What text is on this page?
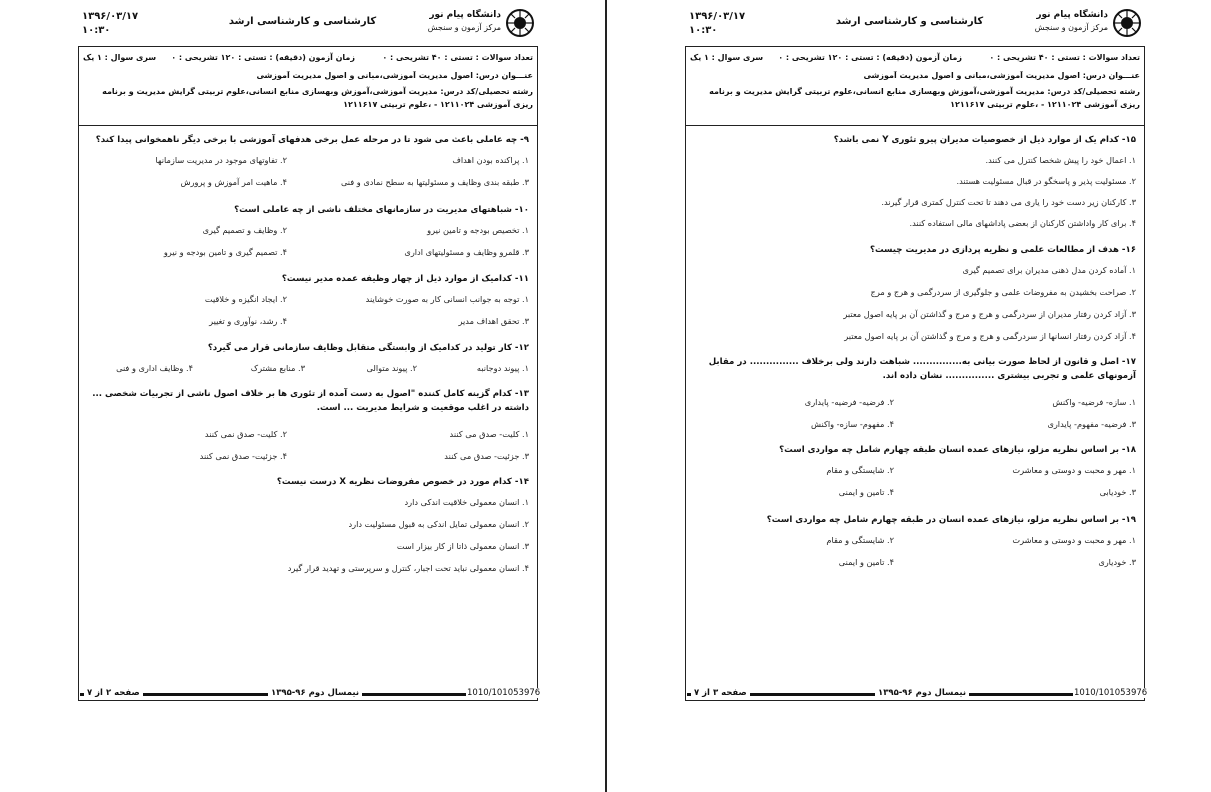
۱۳۹۶/۰۳/۱۷
۱۰:۳۰
کارشناسی و کارشناسی ارشد
دانشگاه پیام نور
مرکز آزمون و سنجش
تعداد سوالات : تستی : ۴۰ تشریحی : ۰
زمان آزمون (دقیقه) : تستی : ۱۲۰ تشریحی : ۰
سری سوال : ۱ یک
عنـــوان درس: اصول مدیریت آموزشی،مبانی و اصول مدیریت آموزشی
رشته تحصیلی/کد درس: مدیریت آموزشی،آموزش وبهسازی منابع انسانی،علوم تربیتی گرایش مدیریت و برنامه ریزی آموزشی ۱۲۱۱۰۲۴ - ،علوم تربیتی ۱۲۱۱۶۱۷
۹- چه عاملی باعث می شود تا در مرحله عمل برخی هدفهای آموزشی با برخی دیگر ناهمخوانی پیدا کند؟
۱. پراکنده بودن اهداف
۲. تفاوتهای موجود در مدیریت سازمانها
۳. طبقه بندی وظایف و مسئولیتها به سطح نمادی و فنی
۴. ماهیت امر آموزش و پرورش
۱۰- شباهتهای مدیریت در سازمانهای مختلف ناشی از چه عاملی است؟
۱. تخصیص بودجه و تامین نیرو
۲. وظایف و تصمیم گیری
۳. قلمرو وظایف و مسئولیتهای اداری
۴. تصمیم گیری و تامین بودجه و نیرو
۱۱- کدامیک از موارد ذیل از چهار وظیفه عمده مدیر نیست؟
۱. توجه به جوانب انسانی کار به صورت خوشایند
۲. ایجاد انگیزه و خلاقیت
۳. تحقق اهداف مدیر
۴. رشد، نوآوری و تغییر
۱۲- کار تولید در کدامیک از وابستگی متقابل وظایف سازمانی قرار می گیرد؟
۱. پیوند دوجانبه
۲. پیوند متوالی
۳. منابع مشترک
۴. وظایف اداری و فنی
۱۳- کدام گزینه کامل کننده "اصول به دست آمده از تئوری ها بر خلاف اصول ناشی از تجربیات شخصی ... داشته در اغلب موقعیت و شرایط مدیریت ... است.
۱. کلیت- صدق می کنند
۲. کلیت- صدق نمی کنند
۳. جزئیت- صدق می کنند
۴. جزئیت- صدق نمی کنند
۱۴- کدام مورد در خصوص مفروضات نظریه X درست نیست؟
۱. انسان معمولی خلاقیت اندکی دارد
۲. انسان معمولی تمایل اندکی به قبول مسئولیت دارد
۳. انسان معمولی ذاتا از کار بیزار است
۴. انسان معمولی نباید تحت اجبار، کنترل و سرپرستی و تهدید قرار گیرد
1010/101053976
نیمسال دوم ۹۶-۱۳۹۵
صفحه ۲ از ۷
۱۳۹۶/۰۳/۱۷
۱۰:۳۰
کارشناسی و کارشناسی ارشد
دانشگاه پیام نور
مرکز آزمون و سنجش
تعداد سوالات : تستی : ۴۰ تشریحی : ۰
زمان آزمون (دقیقه) : تستی : ۱۲۰ تشریحی : ۰
سری سوال : ۱ یک
عنـــوان درس: اصول مدیریت آموزشی،مبانی و اصول مدیریت آموزشی
رشته تحصیلی/کد درس: مدیریت آموزشی،آموزش وبهسازی منابع انسانی،علوم تربیتی گرایش مدیریت و برنامه ریزی آموزشی ۱۲۱۱۰۲۴ - ،علوم تربیتی ۱۲۱۱۶۱۷
۱۵- کدام یک از موارد ذیل از خصوصیات مدیران پیرو تئوری Y نمی باشد؟
۱. اعمال خود را پیش شخصا کنترل می کنند.
۲. مسئولیت پذیر و پاسخگو در قبال مسئولیت هستند.
۳. کارکنان زیر دست خود را یاری می دهند تا تحت کنترل کمتری قرار گیرند.
۴. برای کار واداشتن کارکنان از بعضی پاداشهای مالی استفاده کنند.
۱۶- هدف از مطالعات علمی و نظریه پردازی در مدیریت چیست؟
۱. آماده کردن مدل ذهنی مدیران برای تصمیم گیری
۲. صراحت بخشیدن به مفروضات علمی و جلوگیری از سردرگمی و هرج و مرج
۳. آزاد کردن رفتار مدیران از سردرگمی و هرج و مرج و گذاشتن آن بر پایه اصول معتبر
۴. آزاد کردن رفتار انسانها از سردرگمی و هرج و مرج و گذاشتن آن بر پایه اصول معتبر
۱۷- اصل و قانون از لحاظ صورت بیانی به............... شباهت دارند ولی برخلاف ............... در مقابل آزمونهای علمی و تجربی بیشتری ............... نشان داده اند.
۱. سازه- فرضیه- واکنش
۲. فرضیه- فرضیه- پایداری
۳. فرضیه- مفهوم- پایداری
۴. مفهوم- سازه- واکنش
۱۸- بر اساس نظریه مزلو، نیازهای عمده انسان طبقه چهارم شامل چه مواردی است؟
۱. مهر و محبت و دوستی و معاشرت
۲. شایستگی و مقام
۳. خودیابی
۴. تامین و ایمنی
۱۹- بر اساس نظریه مزلو، نیازهای عمده انسان در طبقه چهارم شامل چه مواردی است؟
۱. مهر و محبت و دوستی و معاشرت
۲. شایستگی و مقام
۳. خودیاری
۴. تامین و ایمنی
1010/101053976
نیمسال دوم ۹۶-۱۳۹۵
صفحه ۳ از ۷
